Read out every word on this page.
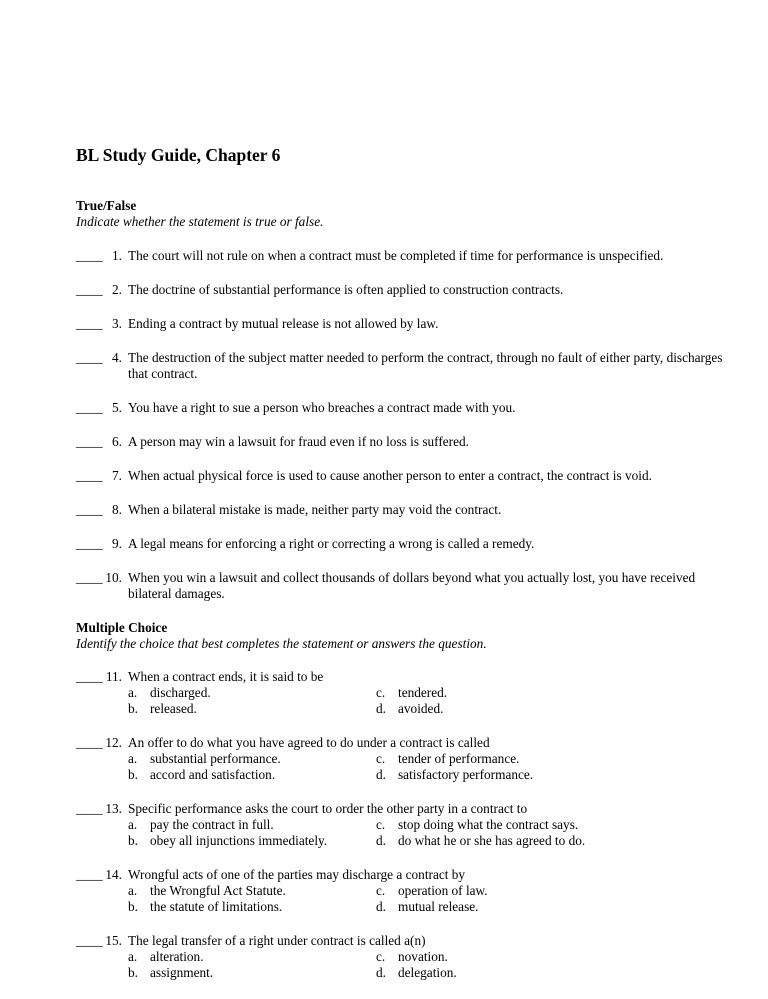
BL Study Guide, Chapter 6
True/False
Indicate whether the statement is true or false.
____ 1. The court will not rule on when a contract must be completed if time for performance is unspecified.
____ 2. The doctrine of substantial performance is often applied to construction contracts.
____ 3. Ending a contract by mutual release is not allowed by law.
____ 4. The destruction of the subject matter needed to perform the contract, through no fault of either party, discharges that contract.
____ 5. You have a right to sue a person who breaches a contract made with you.
____ 6. A person may win a lawsuit for fraud even if no loss is suffered.
____ 7. When actual physical force is used to cause another person to enter a contract, the contract is void.
____ 8. When a bilateral mistake is made, neither party may void the contract.
____ 9. A legal means for enforcing a right or correcting a wrong is called a remedy.
____ 10. When you win a lawsuit and collect thousands of dollars beyond what you actually lost, you have received bilateral damages.
Multiple Choice
Identify the choice that best completes the statement or answers the question.
____ 11. When a contract ends, it is said to be
a. discharged.	c. tendered.
b. released.	d. avoided.
____ 12. An offer to do what you have agreed to do under a contract is called
a. substantial performance.	c. tender of performance.
b. accord and satisfaction.	d. satisfactory performance.
____ 13. Specific performance asks the court to order the other party in a contract to
a. pay the contract in full.	c. stop doing what the contract says.
b. obey all injunctions immediately.	d. do what he or she has agreed to do.
____ 14. Wrongful acts of one of the parties may discharge a contract by
a. the Wrongful Act Statute.	c. operation of law.
b. the statute of limitations.	d. mutual release.
____ 15. The legal transfer of a right under contract is called a(n)
a. alteration.	c. novation.
b. assignment.	d. delegation.
